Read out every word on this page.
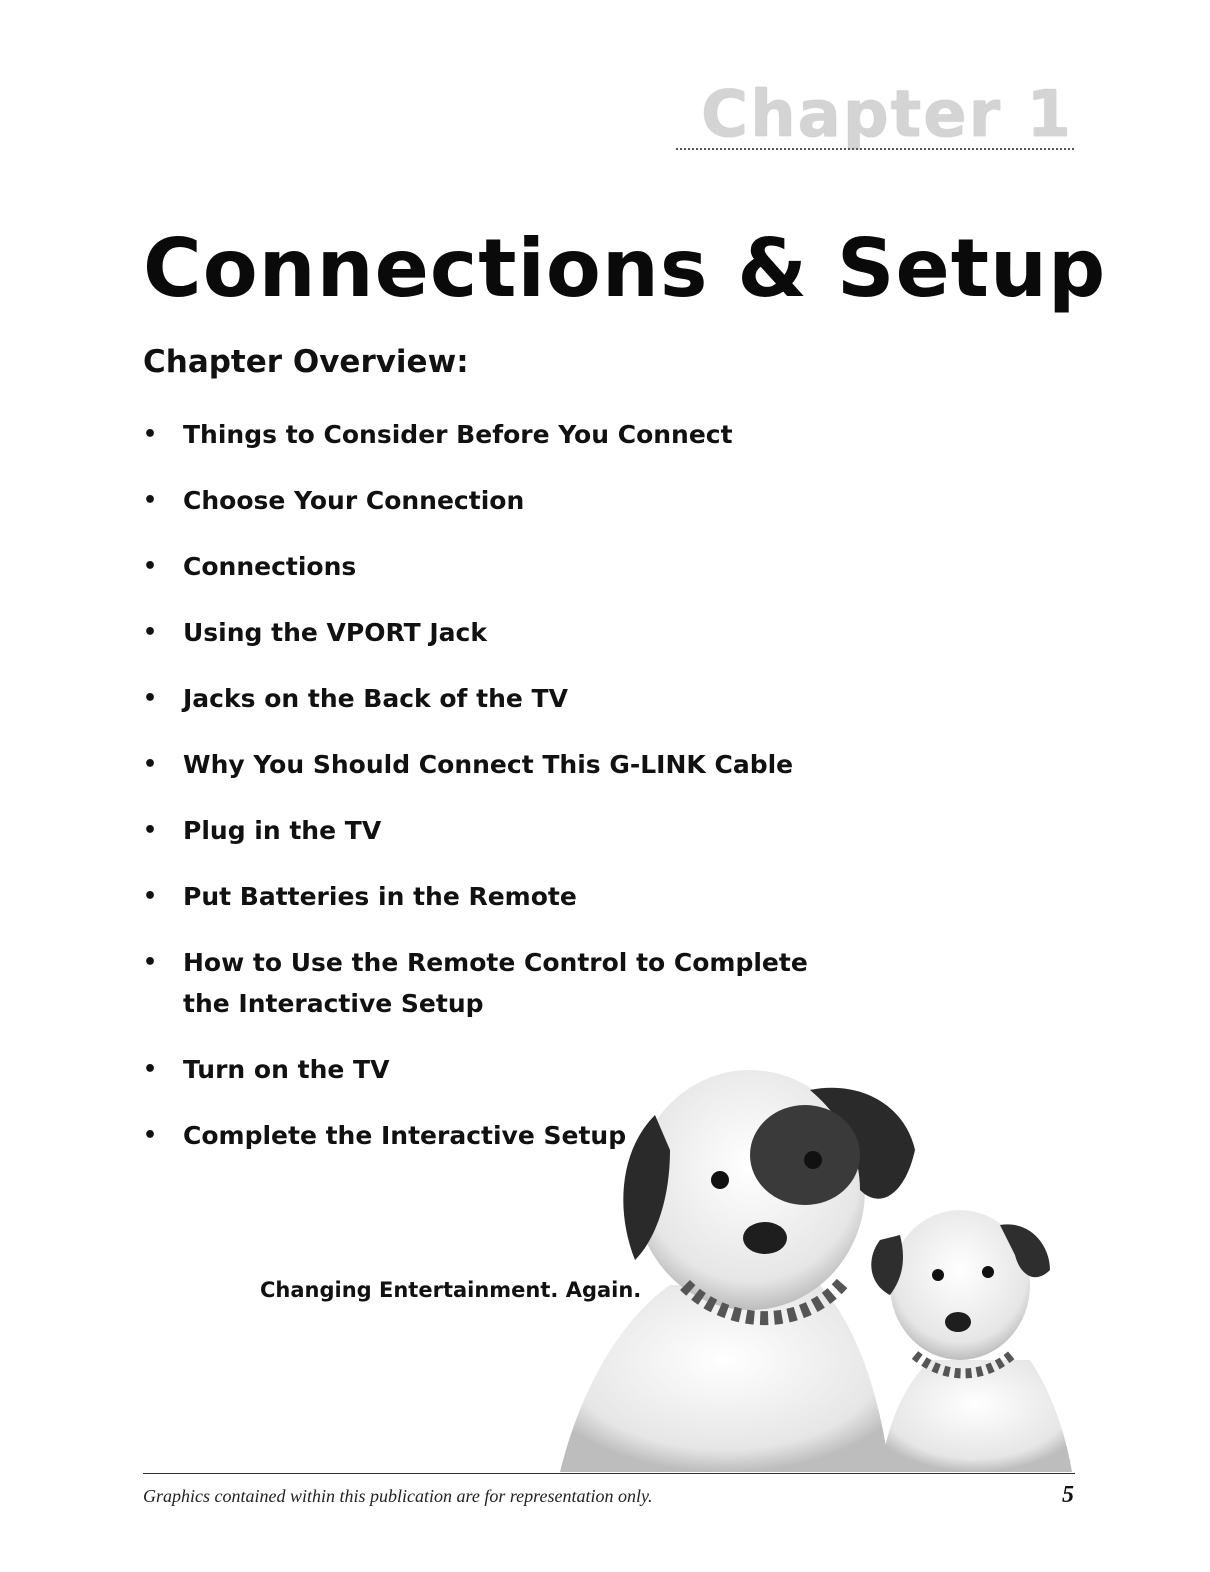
Chapter 1
Connections & Setup
Chapter Overview:
• Things to Consider Before You Connect
• Choose Your Connection
• Connections
• Using the VPORT Jack
• Jacks on the Back of the TV
• Why You Should Connect This G-LINK Cable
• Plug in the TV
• Put Batteries in the Remote
• How to Use the Remote Control to Complete the Interactive Setup
• Turn on the TV
• Complete the Interactive Setup
Changing Entertainment. Again.
Graphics contained within this publication are for representation only.	5
